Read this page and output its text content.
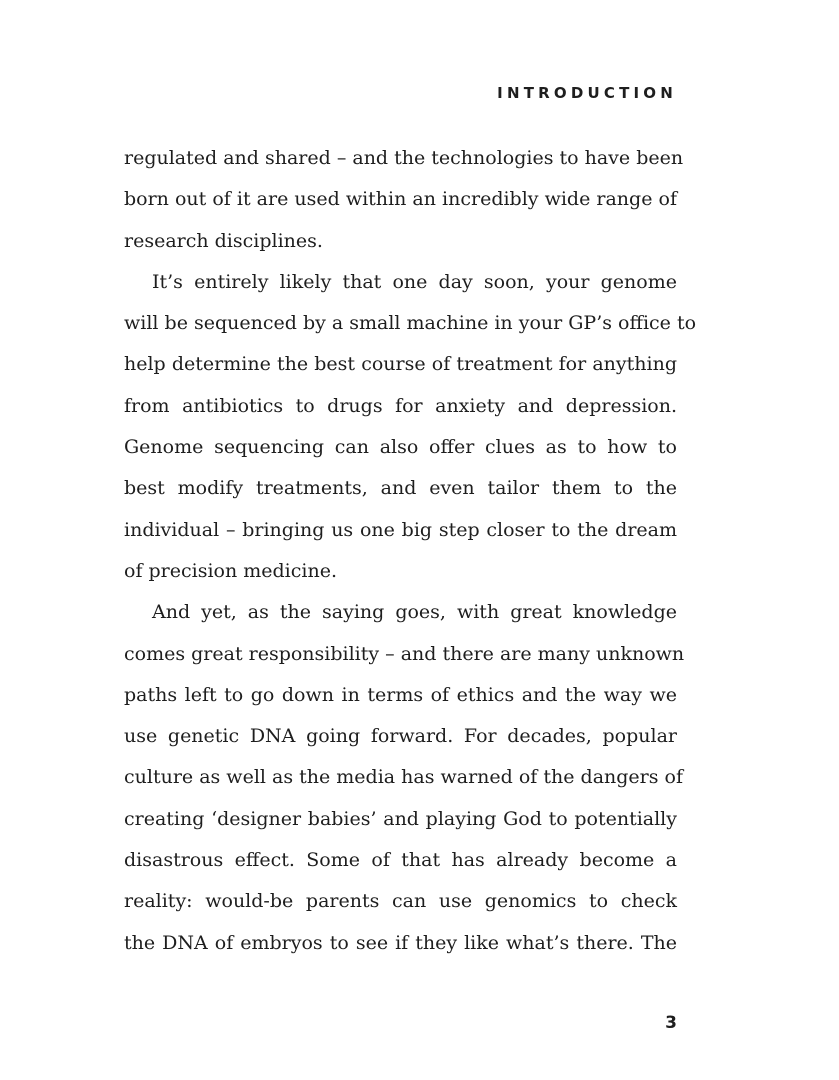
INTRODUCTION
regulated and shared – and the technologies to have been
born out of it are used within an incredibly wide range of
research disciplines.
It’s entirely likely that one day soon, your genome
will be sequenced by a small machine in your GP’s office to
help determine the best course of treatment for anything
from antibiotics to drugs for anxiety and depression.
Genome sequencing can also offer clues as to how to
best modify treatments, and even tailor them to the
individual – bringing us one big step closer to the dream
of precision medicine.
And yet, as the saying goes, with great knowledge
comes great responsibility – and there are many unknown
paths left to go down in terms of ethics and the way we
use genetic DNA going forward. For decades, popular
culture as well as the media has warned of the dangers of
creating ‘designer babies’ and playing God to potentially
disastrous effect. Some of that has already become a
reality: would-be parents can use genomics to check
the DNA of embryos to see if they like what’s there. The
3
